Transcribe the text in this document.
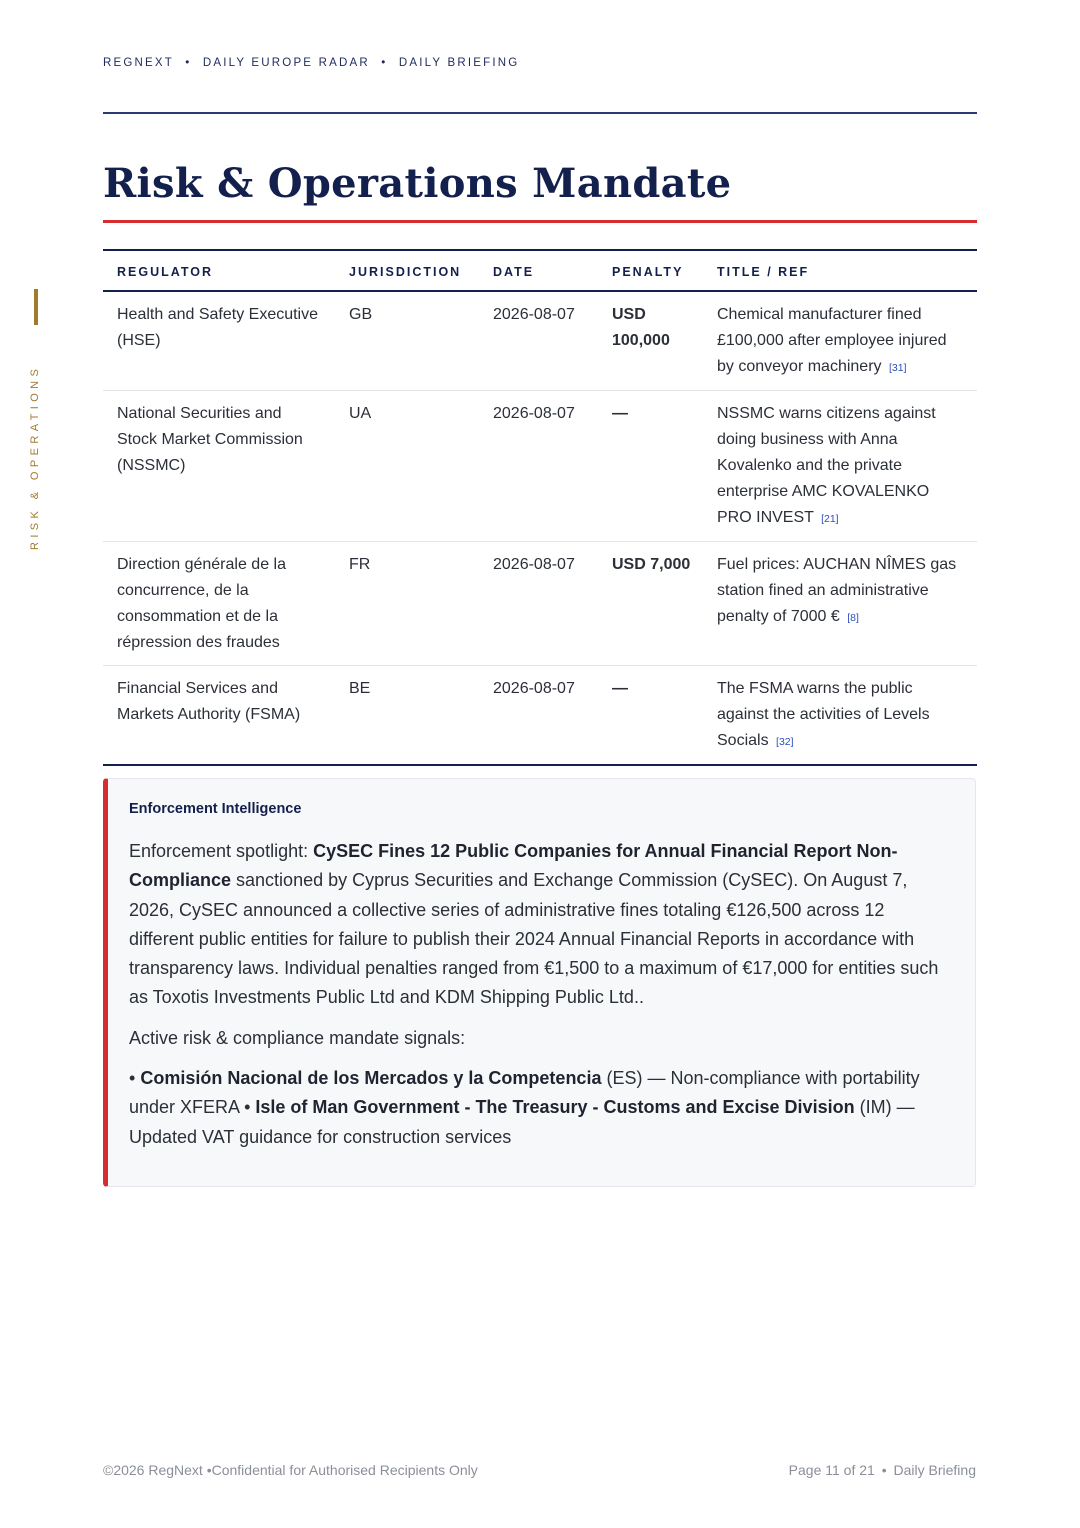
REGNEXT • DAILY EUROPE RADAR • DAILY BRIEFING
RISK & OPERATIONS
Risk & Operations Mandate
REGULATOR	JURISDICTION	DATE	PENALTY	TITLE / REF
Health and Safety Executive (HSE)	GB	2026-08-07	USD 100,000	Chemical manufacturer fined £100,000 after employee injured by conveyor machinery [31]
National Securities and Stock Market Commission (NSSMC)	UA	2026-08-07	—	NSSMC warns citizens against doing business with Anna Kovalenko and the private enterprise AMC KOVALENKO PRO INVEST [21]
Direction générale de la concurrence, de la consommation et de la répression des fraudes	FR	2026-08-07	USD 7,000	Fuel prices: AUCHAN NÎMES gas station fined an administrative penalty of 7000 € [8]
Financial Services and Markets Authority (FSMA)	BE	2026-08-07	—	The FSMA warns the public against the activities of Levels Socials [32]
Enforcement Intelligence

Enforcement spotlight: CySEC Fines 12 Public Companies for Annual Financial Report Non-Compliance sanctioned by Cyprus Securities and Exchange Commission (CySEC). On August 7, 2026, CySEC announced a collective series of administrative fines totaling €126,500 across 12 different public entities for failure to publish their 2024 Annual Financial Reports in accordance with transparency laws. Individual penalties ranged from €1,500 to a maximum of €17,000 for entities such as Toxotis Investments Public Ltd and KDM Shipping Public Ltd..

Active risk & compliance mandate signals:

• Comisión Nacional de los Mercados y la Competencia (ES) — Non-compliance with portability under XFERA • Isle of Man Government - The Treasury - Customs and Excise Division (IM) — Updated VAT guidance for construction services

©2026 RegNext •Confidential for Authorised Recipients Only	Page 11 of 21 • Daily Briefing
